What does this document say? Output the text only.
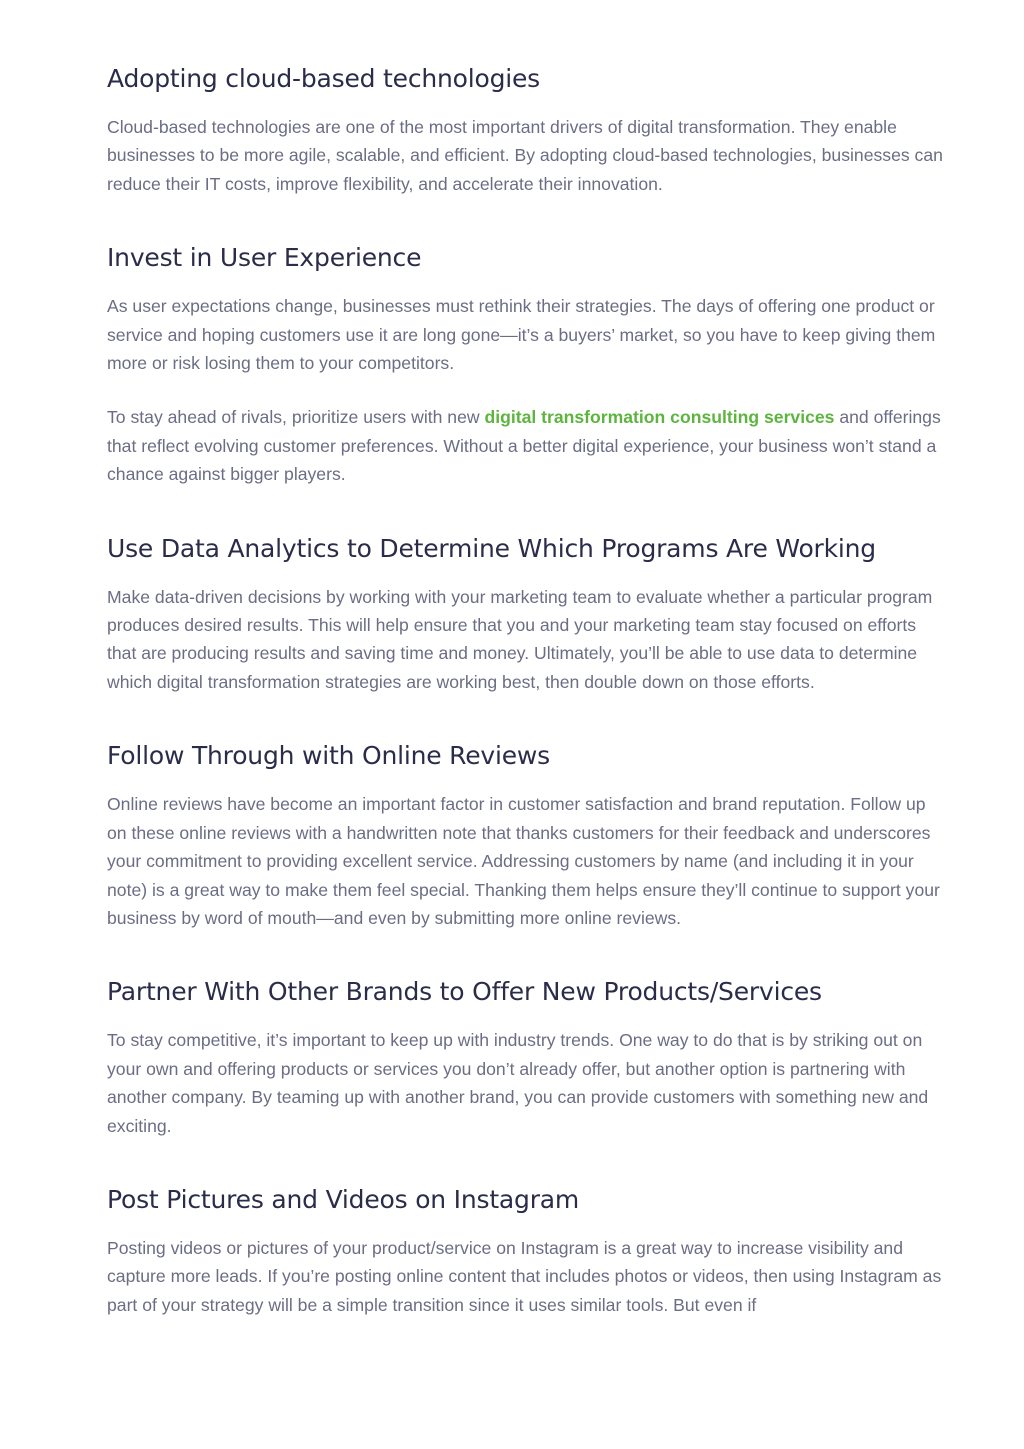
Adopting cloud-based technologies

Cloud-based technologies are one of the most important drivers of digital transformation. They enable businesses to be more agile, scalable, and efficient. By adopting cloud-based technologies, businesses can reduce their IT costs, improve flexibility, and accelerate their innovation.

Invest in User Experience

As user expectations change, businesses must rethink their strategies. The days of offering one product or service and hoping customers use it are long gone—it’s a buyers’ market, so you have to keep giving them more or risk losing them to your competitors.

To stay ahead of rivals, prioritize users with new digital transformation consulting services and offerings that reflect evolving customer preferences. Without a better digital experience, your business won’t stand a chance against bigger players.

Use Data Analytics to Determine Which Programs Are Working

Make data-driven decisions by working with your marketing team to evaluate whether a particular program produces desired results. This will help ensure that you and your marketing team stay focused on efforts that are producing results and saving time and money. Ultimately, you’ll be able to use data to determine which digital transformation strategies are working best, then double down on those efforts.

Follow Through with Online Reviews

Online reviews have become an important factor in customer satisfaction and brand reputation. Follow up on these online reviews with a handwritten note that thanks customers for their feedback and underscores your commitment to providing excellent service. Addressing customers by name (and including it in your note) is a great way to make them feel special. Thanking them helps ensure they’ll continue to support your business by word of mouth—and even by submitting more online reviews.

Partner With Other Brands to Offer New Products/Services

To stay competitive, it’s important to keep up with industry trends. One way to do that is by striking out on your own and offering products or services you don’t already offer, but another option is partnering with another company. By teaming up with another brand, you can provide customers with something new and exciting.

Post Pictures and Videos on Instagram

Posting videos or pictures of your product/service on Instagram is a great way to increase visibility and capture more leads. If you’re posting online content that includes photos or videos, then using Instagram as part of your strategy will be a simple transition since it uses similar tools. But even if
